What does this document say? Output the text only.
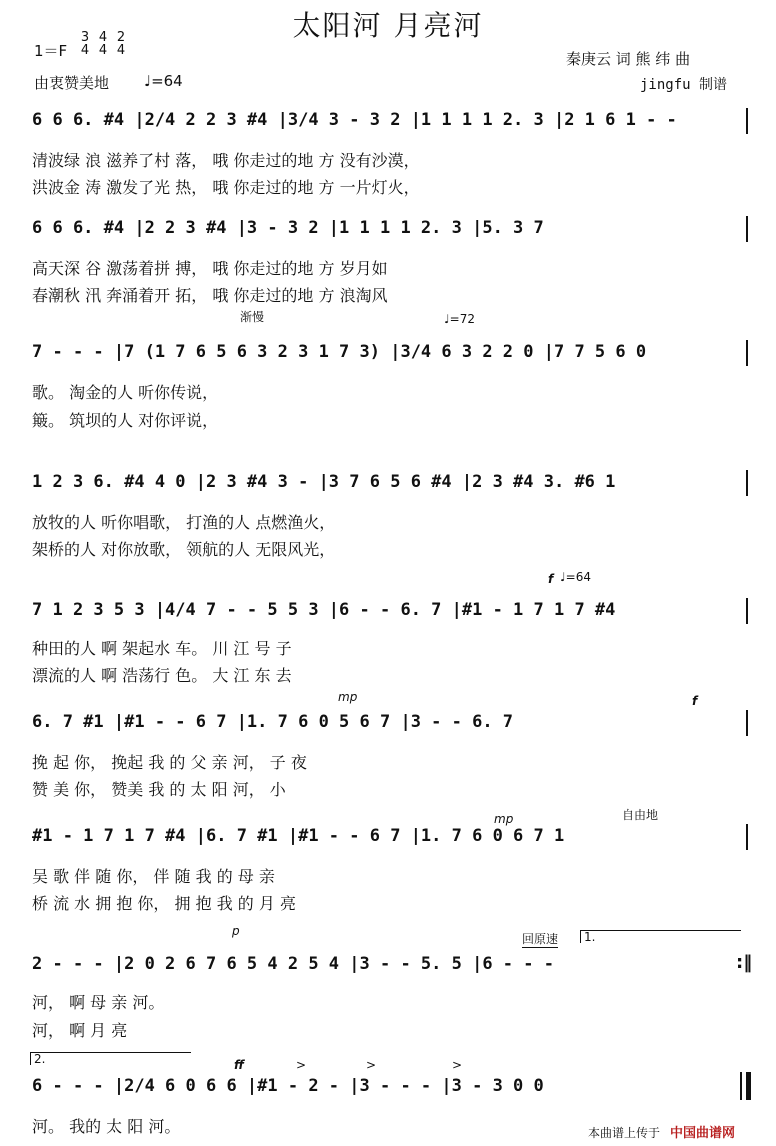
太阳河 月亮河
1＝F
3
4
4
4
2
4
由衷赞美地 ♩=64
秦庚云 词 熊 纬 曲
jingfu 制谱
6 6 6. #4 |2/4 2 2 3 #4 |3/4 3 - 3 2 |1 1 1 1 2. 3 |2 1 6 1 - -
清波绿 浪 滋养了村 落， 哦 你走过的地 方 没有沙漠，
洪波金 涛 激发了光 热， 哦 你走过的地 方 一片灯火，
6 6 6. #4 |2 2 3 #4 |3 - 3 2 |1 1 1 1 2. 3 |5. 3 7
高天深 谷 激荡着拼 搏， 哦 你走过的地 方 岁月如
春潮秋 汛 奔涌着开 拓， 哦 你走过的地 方 浪淘风
渐慢	♩=72
7 - - - |7 (1 7 6 5 6 3 2 3 1 7 3) |3/4 6 3 2 2 0 |7 7 5 6 0
歌。 淘金的人 听你传说，
簸。 筑坝的人 对你评说，
1 2 3 6. #4 4 0 |2 3 #4 3 - |3 7 6 5 6 #4 |2 3 #4 3. #6 1
放牧的人 听你唱歌， 打渔的人 点燃渔火，
架桥的人 对你放歌， 领航的人 无限风光，
f ♩=64
7 1 2 3 5 3 |4/4 7 - - 5 5 3 |6 - - 6. 7 |#1 - 1 7 1 7 #4
种田的人 啊 架起水 车。 川 江 号 子
漂流的人 啊 浩荡行 色。 大 江 东 去
mp	f
6. 7 #1 |#1 - - 6 7 |1. 7 6 0 5 6 7 |3 - - 6. 7
挽 起 你， 挽起 我 的 父 亲 河， 子 夜
赞 美 你， 赞美 我 的 太 阳 河， 小
mp	自由地
#1 - 1 7 1 7 #4 |6. 7 #1 |#1 - - 6 7 |1. 7 6 0 6 7 1
吴 歌 伴 随 你， 伴 随 我 的 母 亲
桥 流 水 拥 抱 你， 拥 抱 我 的 月 亮
p
回原速 1.
2 - - - |2 0 2 6 7 6 5 4 2 5 4 |3 - - 5. 5 |6 - - -
河， 啊 母 亲 河。
河， 啊 月 亮
:‖
2.	ff	>	>	>
6 - - - |2/4 6 0 6 6 |#1 - 2 - |3 - - - |3 - 3 0 0
河。 我的 太 阳 河。	本曲谱上传于 中国曲谱网
